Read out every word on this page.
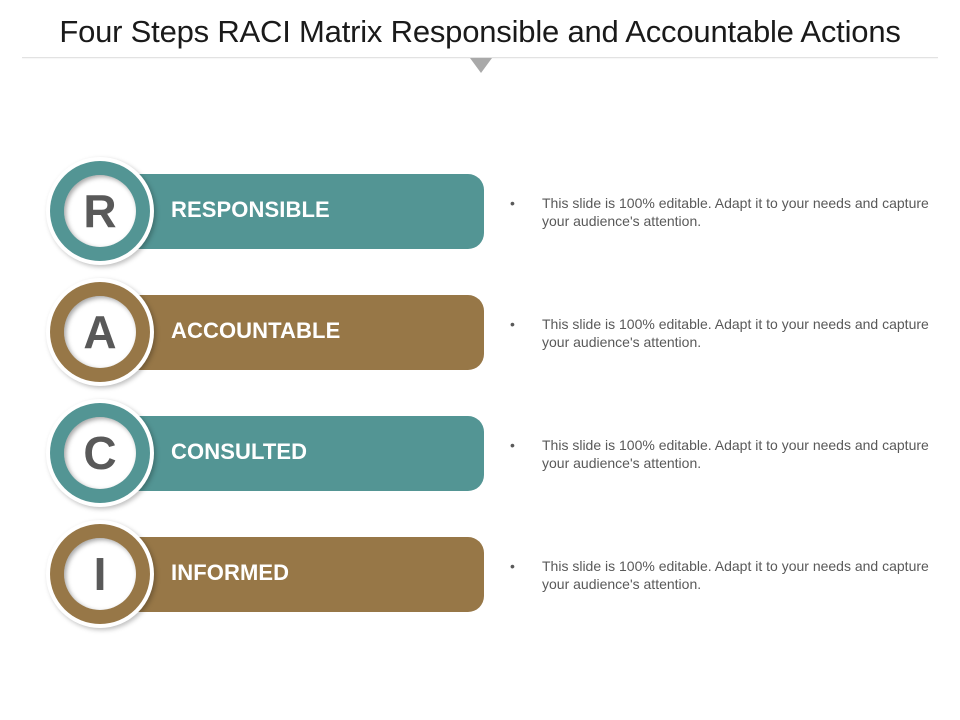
Four Steps RACI Matrix Responsible and Accountable Actions
R	RESPONSIBLE	• This slide is 100% editable. Adapt it to your needs and capture your audience's attention.
A	ACCOUNTABLE	• This slide is 100% editable. Adapt it to your needs and capture your audience's attention.
C	CONSULTED	• This slide is 100% editable. Adapt it to your needs and capture your audience's attention.
I	INFORMED	• This slide is 100% editable. Adapt it to your needs and capture your audience's attention.
